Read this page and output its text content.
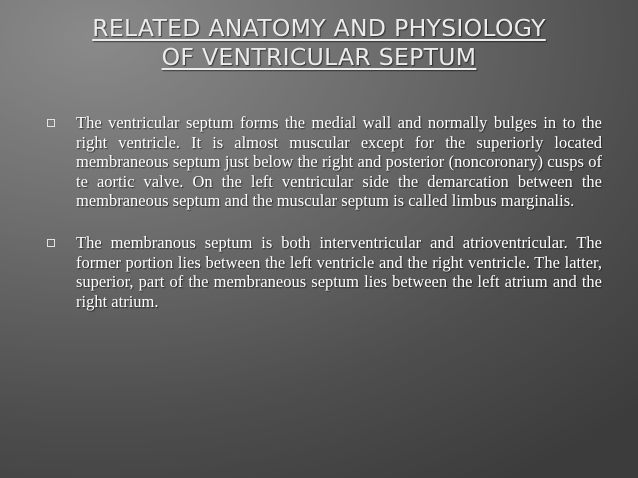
RELATED ANATOMY AND PHYSIOLOGY
OF VENTRICULAR SEPTUM
The ventricular septum forms the medial wall and normally bulges in to the right ventricle. It is almost muscular except for the superiorly located membraneous septum just below the right and posterior (noncoronary) cusps of te aortic valve. On the left ventricular side the demarcation between the membraneous septum and the muscular septum is called limbus marginalis.
The membranous septum is both interventricular and atrioventricular. The former portion lies between the left ventricle and the right ventricle. The latter, superior, part of the membraneous septum lies between the left atrium and the right atrium.
